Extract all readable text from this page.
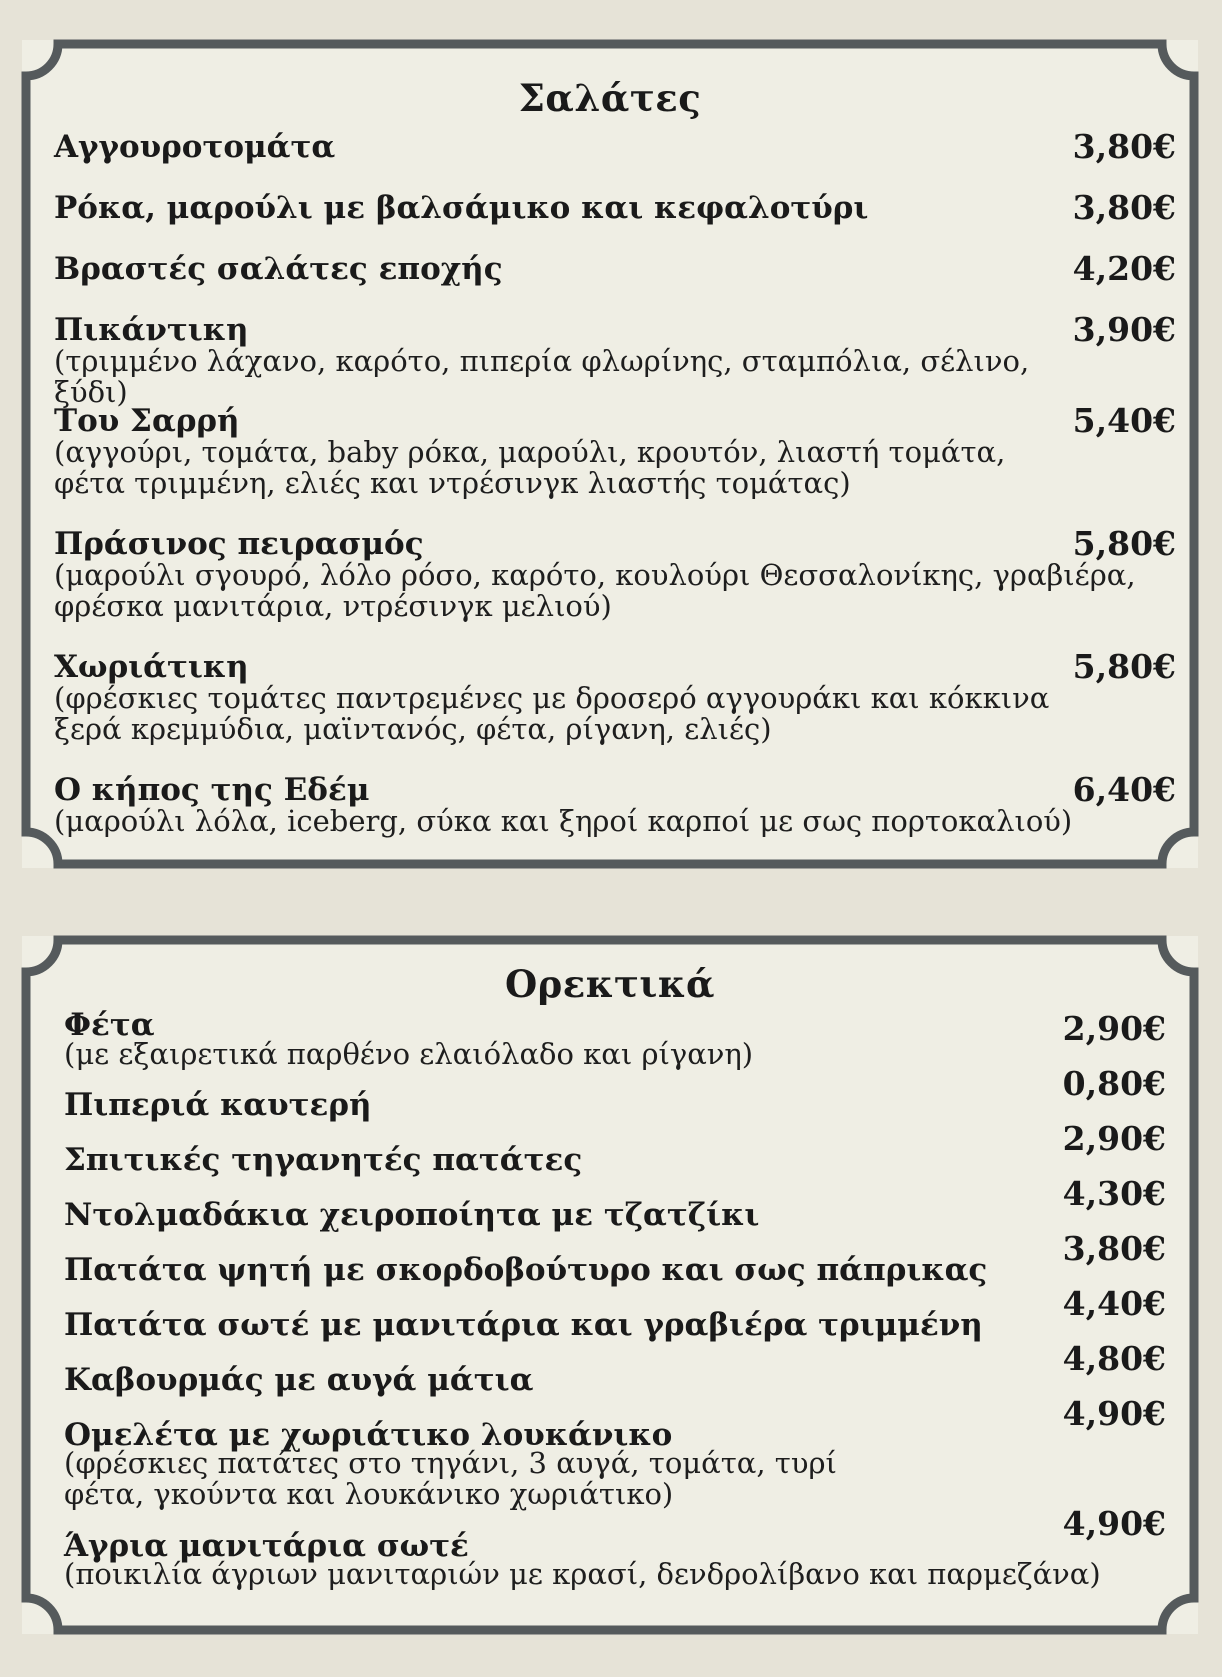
Σαλάτες
Αγγουροτομάτα	3,80€
Ρόκα, μαρούλι με βαλσάμικο και κεφαλοτύρι	3,80€
Βραστές σαλάτες εποχής	4,20€
Πικάντικη
(τριμμένο λάχανο, καρότο, πιπερία φλωρίνης, σταμπόλια, σέλινο, ξύδι)
3,90€
Του Σαρρή
(αγγούρι, τομάτα, baby ρόκα, μαρούλι, κρουτόν, λιαστή τομάτα, φέτα τριμμένη, ελιές και ντρέσινγκ λιαστής τομάτας)
5,40€
Πράσινος πειρασμός
(μαρούλι σγουρό, λόλο ρόσο, καρότο, κουλούρι Θεσσαλονίκης, γραβιέρα, φρέσκα μανιτάρια, ντρέσινγκ μελιού)
5,80€
Χωριάτικη
(φρέσκιες τομάτες παντρεμένες με δροσερό αγγουράκι και κόκκινα ξερά κρεμμύδια, μαϊντανός, φέτα, ρίγανη, ελιές)
5,80€
Ο κήπος της Εδέμ
(μαρούλι λόλα, iceberg, σύκα και ξηροί καρποί με σως πορτοκαλιού)
6,40€
Ορεκτικά
Φέτα
(με εξαιρετικά παρθένο ελαιόλαδο και ρίγανη)
2,90€
Πιπεριά καυτερή
0,80€
Σπιτικές τηγανητές πατάτες
2,90€
Ντολμαδάκια χειροποίητα με τζατζίκι
4,30€
Πατάτα ψητή με σκορδοβούτυρο και σως πάπρικας
3,80€
Πατάτα σωτέ με μανιτάρια και γραβιέρα τριμμένη
4,40€
Καβουρμάς με αυγά μάτια
4,80€
Ομελέτα με χωριάτικο λουκάνικο
(φρέσκιες πατάτες στο τηγάνι, 3 αυγά, τομάτα, τυρί φέτα, γκούντα και λουκάνικο χωριάτικο)
4,90€
Άγρια μανιτάρια σωτέ
(ποικιλία άγριων μανιταριών με κρασί, δενδρολίβανο και παρμεζάνα)
4,90€
